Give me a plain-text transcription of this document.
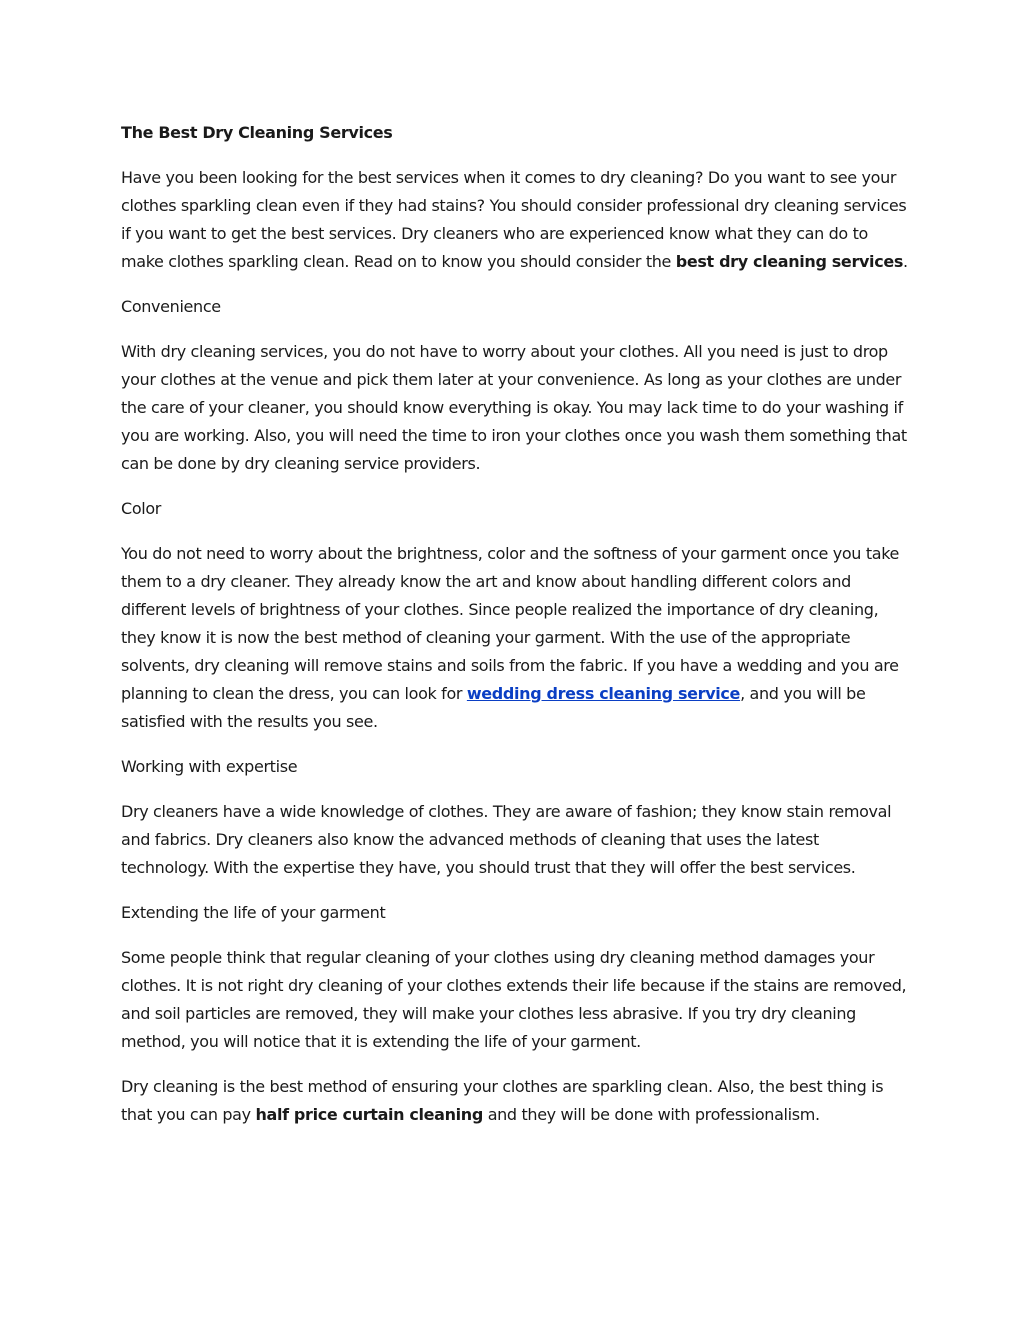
The Best Dry Cleaning Services

Have you been looking for the best services when it comes to dry cleaning? Do you want to see your clothes sparkling clean even if they had stains? You should consider professional dry cleaning services if you want to get the best services. Dry cleaners who are experienced know what they can do to make clothes sparkling clean. Read on to know you should consider the best dry cleaning services.

Convenience

With dry cleaning services, you do not have to worry about your clothes. All you need is just to drop your clothes at the venue and pick them later at your convenience. As long as your clothes are under the care of your cleaner, you should know everything is okay. You may lack time to do your washing if you are working. Also, you will need the time to iron your clothes once you wash them something that can be done by dry cleaning service providers.

Color

You do not need to worry about the brightness, color and the softness of your garment once you take them to a dry cleaner. They already know the art and know about handling different colors and different levels of brightness of your clothes. Since people realized the importance of dry cleaning, they know it is now the best method of cleaning your garment. With the use of the appropriate solvents, dry cleaning will remove stains and soils from the fabric. If you have a wedding and you are planning to clean the dress, you can look for wedding dress cleaning service, and you will be satisfied with the results you see.

Working with expertise

Dry cleaners have a wide knowledge of clothes. They are aware of fashion; they know stain removal and fabrics. Dry cleaners also know the advanced methods of cleaning that uses the latest technology. With the expertise they have, you should trust that they will offer the best services.

Extending the life of your garment

Some people think that regular cleaning of your clothes using dry cleaning method damages your clothes. It is not right dry cleaning of your clothes extends their life because if the stains are removed, and soil particles are removed, they will make your clothes less abrasive. If you try dry cleaning method, you will notice that it is extending the life of your garment.

Dry cleaning is the best method of ensuring your clothes are sparkling clean. Also, the best thing is that you can pay half price curtain cleaning and they will be done with professionalism.
